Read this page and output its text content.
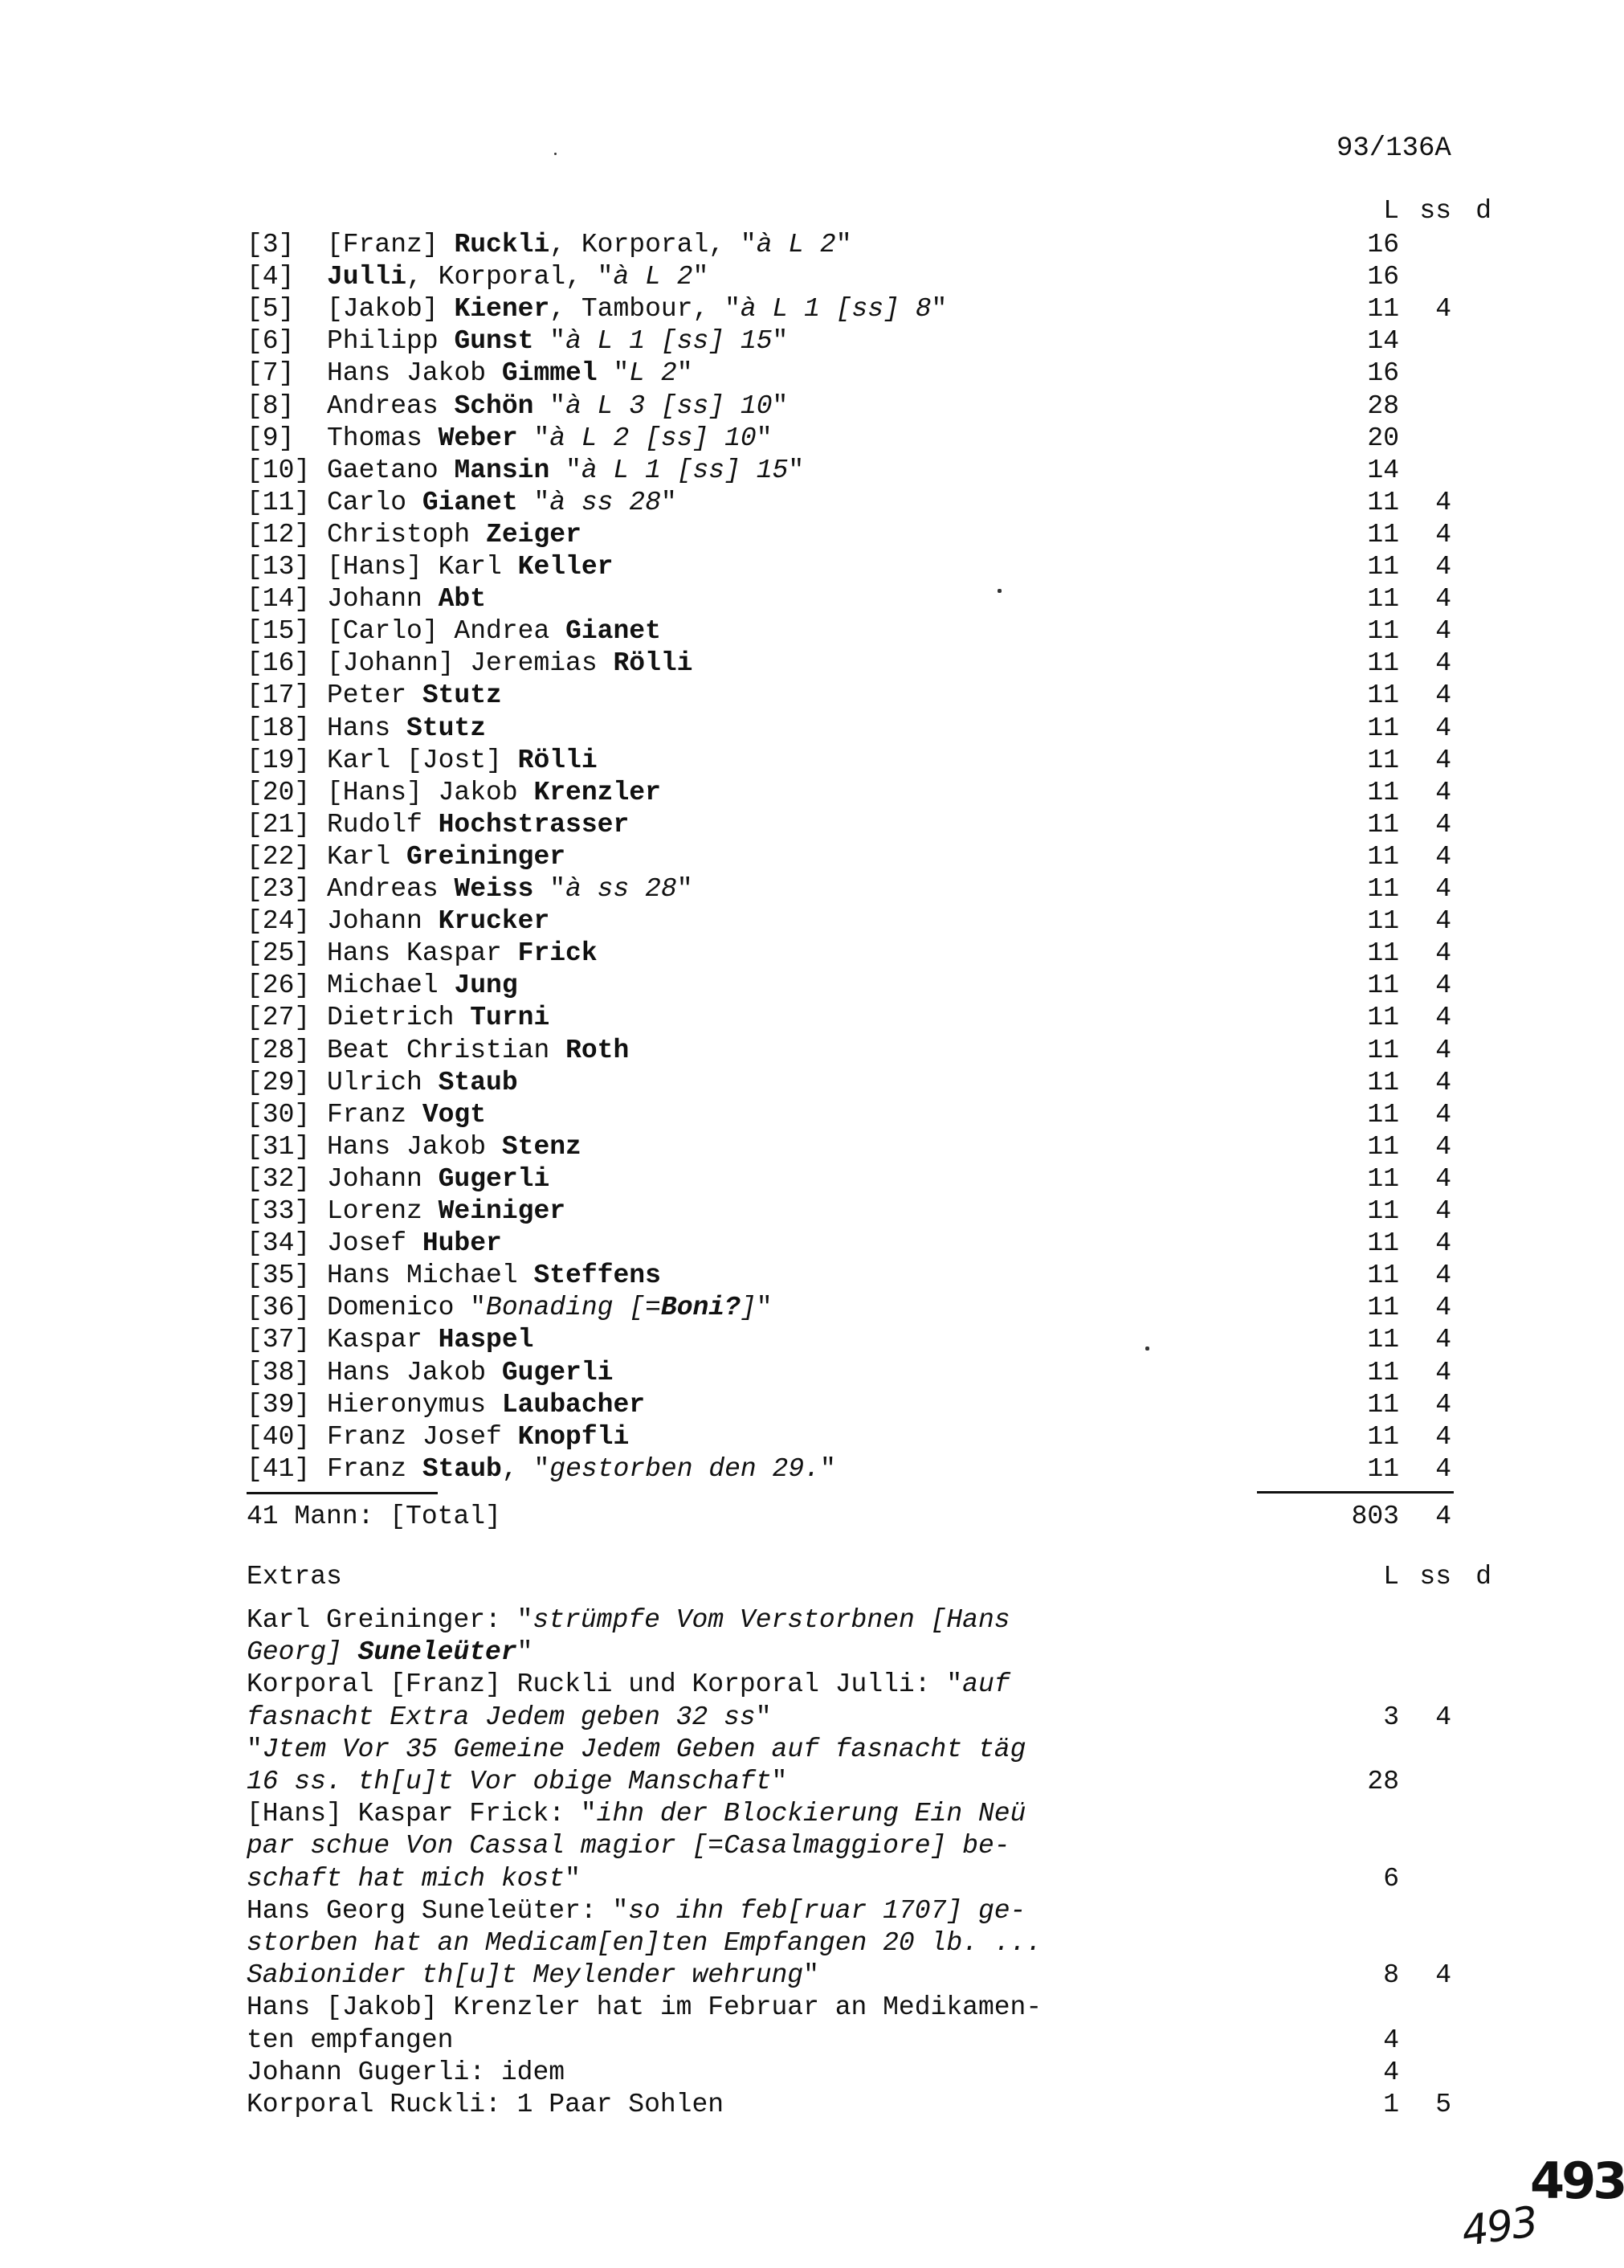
93/136A
L ss d
[3] [Franz] Ruckli, Korporal, "à L 2"	16
[4] Julli, Korporal, "à L 2"	16
[5] [Jakob] Kiener, Tambour, "à L 1 [ss] 8"	11	4
[6] Philipp Gunst "à L 1 [ss] 15"	14
[7] Hans Jakob Gimmel "L 2"	16
[8] Andreas Schön "à L 3 [ss] 10"	28
[9] Thomas Weber "à L 2 [ss] 10"	20
[10] Gaetano Mansin "à L 1 [ss] 15"	14
[11] Carlo Gianet "à ss 28"	11	4
[12] Christoph Zeiger	11	4
[13] [Hans] Karl Keller	11	4
[14] Johann Abt	11	4
[15] [Carlo] Andrea Gianet	11	4
[16] [Johann] Jeremias Rölli	11	4
[17] Peter Stutz	11	4
[18] Hans Stutz	11	4
[19] Karl [Jost] Rölli	11	4
[20] [Hans] Jakob Krenzler	11	4
[21] Rudolf Hochstrasser	11	4
[22] Karl Greininger	11	4
[23] Andreas Weiss "à ss 28"	11	4
[24] Johann Krucker	11	4
[25] Hans Kaspar Frick	11	4
[26] Michael Jung	11	4
[27] Dietrich Turni	11	4
[28] Beat Christian Roth	11	4
[29] Ulrich Staub	11	4
[30] Franz Vogt	11	4
[31] Hans Jakob Stenz	11	4
[32] Johann Gugerli	11	4
[33] Lorenz Weiniger	11	4
[34] Josef Huber	11	4
[35] Hans Michael Steffens	11	4
[36] Domenico "Bonading [=Boni?]"	11	4
[37] Kaspar Haspel	11	4
[38] Hans Jakob Gugerli	11	4
[39] Hieronymus Laubacher	11	4
[40] Franz Josef Knopfli	11	4
[41] Franz Staub, "gestorben den 29."	11	4
41 Mann: [Total]	803	4
Extras	L ss d
Karl Greininger: "strümpfe Vom Verstorbnen [Hans
Georg] Suneleüter"
Korporal [Franz] Ruckli und Korporal Julli: "auf
fasnacht Extra Jedem geben 32 ss"	3	4
"Jtem Vor 35 Gemeine Jedem Geben auf fasnacht täg
16 ss. th[u]t Vor obige Manschaft"	28
[Hans] Kaspar Frick: "ihn der Blockierung Ein Neü
par schue Von Cassal magior [=Casalmaggiore] be-
schaft hat mich kost"	6
Hans Georg Suneleüter: "so ihn feb[ruar 1707] ge-
storben hat an Medicam[en]ten Empfangen 20 lb. ...
Sabionider th[u]t Meylender wehrung"	8	4
Hans [Jakob] Krenzler hat im Februar an Medikamen-
ten empfangen	4
Johann Gugerli: idem	4
Korporal Ruckli: 1 Paar Sohlen	1	5
493
493
